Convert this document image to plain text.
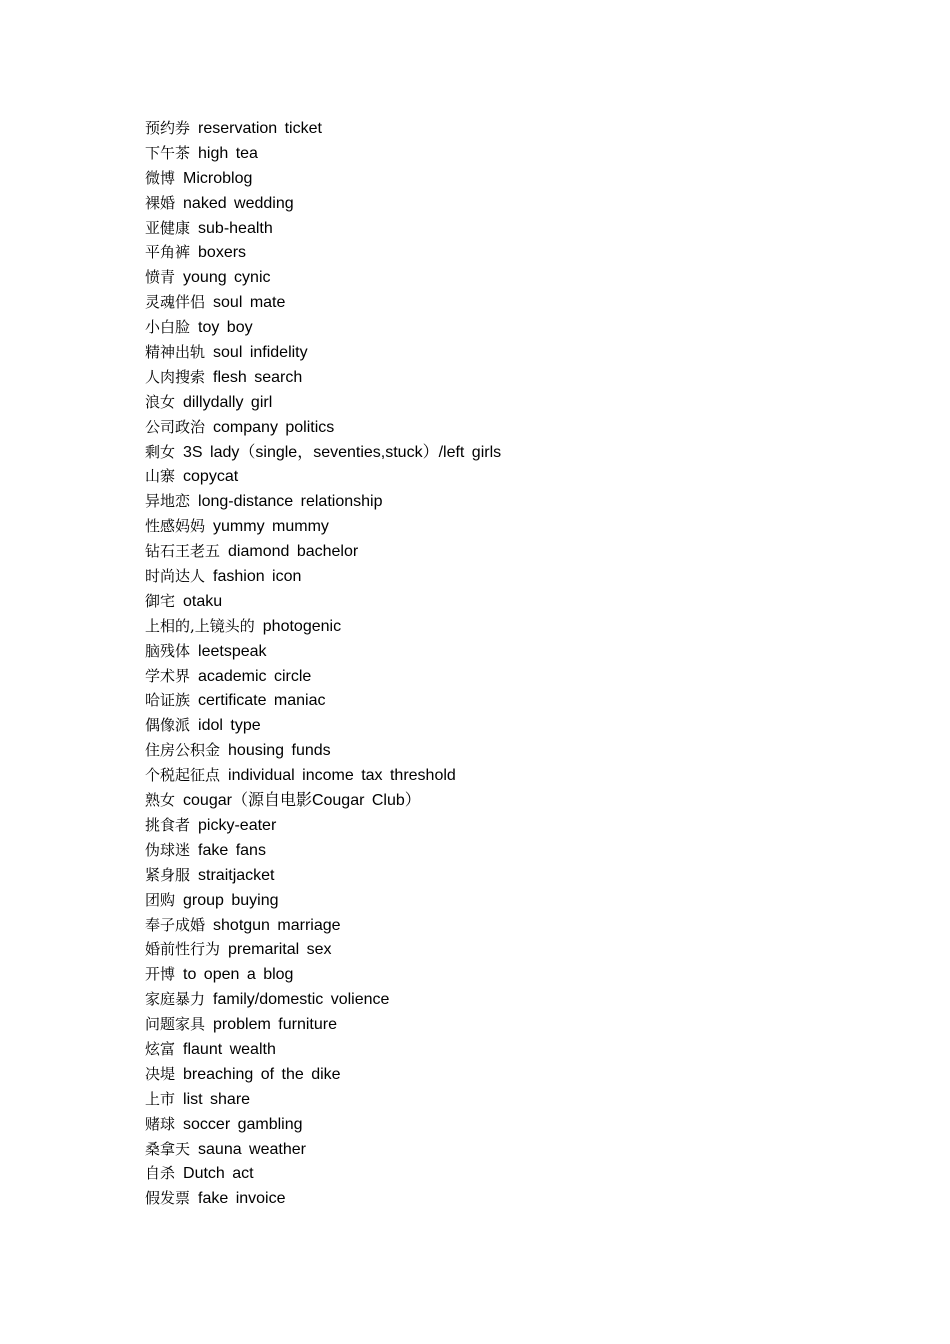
预约券 reservation ticket
下午茶 high tea
微博 Microblog
裸婚 naked wedding
亚健康 sub-health
平角裤 boxers
愤青 young cynic
灵魂伴侣 soul mate
小白脸 toy boy
精神出轨 soul infidelity
人肉搜索 flesh search
浪女 dillydally girl
公司政治 company politics
剩女 3S lady（single，seventies,stuck）/left girls
山寨 copycat
异地恋 long-distance relationship
性感妈妈 yummy mummy
钻石王老五 diamond bachelor
时尚达人 fashion icon
御宅 otaku
上相的,上镜头的 photogenic
脑残体 leetspeak
学术界 academic circle
哈证族 certificate maniac
偶像派 idol type
住房公积金 housing funds
个税起征点 individual income tax threshold
熟女 cougar（源自电影Cougar Club）
挑食者 picky-eater
伪球迷 fake fans
紧身服 straitjacket
团购 group buying
奉子成婚 shotgun marriage
婚前性行为 premarital sex
开博 to open a blog
家庭暴力 family/domestic volience
问题家具 problem furniture
炫富 flaunt wealth
决堤 breaching of the dike
上市 list share
赌球 soccer gambling
桑拿天 sauna weather
自杀 Dutch act
假发票 fake invoice
